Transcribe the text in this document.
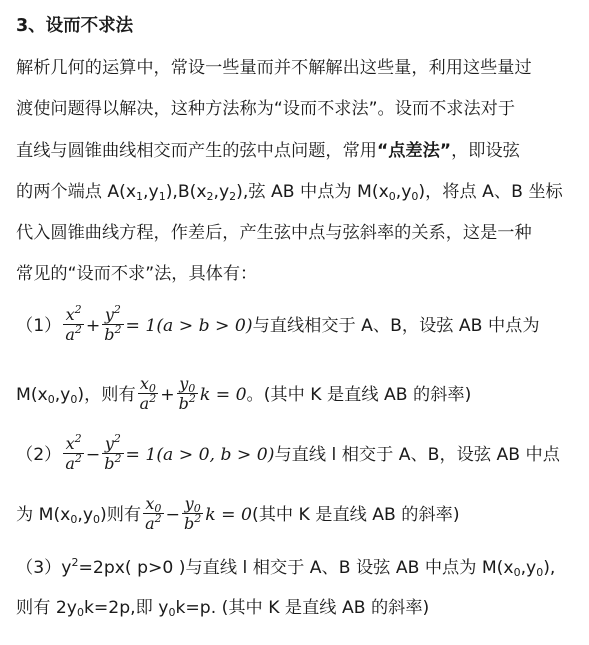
3、设而不求法
解析几何的运算中，常设一些量而并不解解出这些量，利用这些量过
渡使问题得以解决，这种方法称为“设而不求法”。设而不求法对于
直线与圆锥曲线相交而产生的弦中点问题，常用“点差法”，即设弦
的两个端点 $A(x_1,y_1),B(x_2,y_2)$,弦 AB 中点为 $M(x_0,y_0)$，将点 A、B 坐标
代入圆锥曲线方程，作差后，产生弦中点与弦斜率的关系，这是一种
常见的“设而不求”法，具体有：
$(1) \frac{x^2}{a^2} + \frac{y^2}{b^2} = 1(a > b > 0)$与直线相交于 A、B，设弦 AB 中点为
$M(x_0,y_0)$，则有 $\frac{x_0}{a^2} + \frac{y_0}{b^2}$ k = 0。(其中 K 是直线 AB 的斜率)
$(2) \frac{x^2}{a^2} - \frac{y^2}{b^2} = 1(a > 0$, b > 0)与直线 l 相交于 A、B，设弦 AB 中点
为 $M(x_0,y_0)$则有 $\frac{x_0}{a^2} - \frac{y_0}{b^2}$ k = 0(其中 K 是直线 AB 的斜率)
$(3)y^2=2px$( p>0 )与直线 l 相交于 A、B 设弦 AB 中点为 $M(x_0,y_0)$,
则有 $2y_0k=2p$,即 $y_0k=p$. (其中 K 是直线 AB 的斜率)
